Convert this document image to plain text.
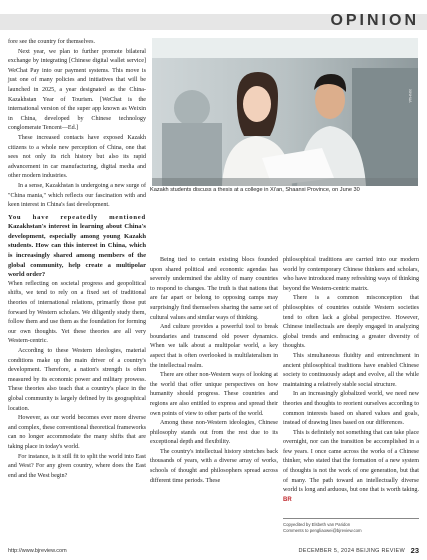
OPINION

fore see the country for themselves.

Next year, we plan to further promote bilateral exchange by integrating [Chinese digital wallet service] WeChat Pay into our payment systems. This move is just one of many policies and initiatives that will be launched in 2025, a year designated as the China-Kazakhstan Year of Tourism. [WeChat is the international version of the super app known as Weixin in China, developed by Chinese technology conglomerate Tencent—Ed.]

These increased contacts have exposed Kazakh citizens to a whole new perception of China, one that sees not only its rich history but also its rapid advancement in car manufacturing, digital media and other modern industries.

In a sense, Kazakhstan is undergoing a new surge of "China mania," which reflects our fascination with and keen interest in China's fast development.

You have repeatedly mentioned Kazakhstan's interest in learning about China's development, especially among young Kazakh students. How can this interest in China, which is increasingly shared among members of the global community, help create a multipolar world order?

When reflecting on societal progress and geopolitical shifts, we tend to rely on a fixed set of traditional theories of international relations, primarily those put forward by Western scholars. We diligently study them, follow them and use them as the foundation for forming our own thoughts. Yet these theories are all very Western-centric.

According to these Western ideologies, material conditions make up the main driver of a country's development. Therefore, a nation's strength is often measured by its economic power and military prowess. These theories also teach that a country's place in the global community is largely defined by its geographical location.

However, as our world becomes ever more diverse and complex, these conventional theoretical frameworks can no longer accommodate the many shifts that are taking place in today's world.

For instance, is it still fit to split the world into East and West? For any given country, where does the East end and the West begin?

XINHUA
Kazakh students discuss a thesis at a college in Xi'an, Shaanxi Province, on June 30

Being tied to certain existing blocs founded upon shared political and economic agendas has severely undermined the ability of many countries to respond to changes. The truth is that nations that are far apart or belong to opposing camps may surprisingly find themselves sharing the same set of cultural values and similar ways of thinking.

And culture provides a powerful tool to break boundaries and transcend old power dynamics. When we talk about a multipolar world, a key aspect that is often overlooked is multilateralism in the intellectual realm.

There are other non-Western ways of looking at the world that offer unique perspectives on how humanity should progress. These countries and regions are also entitled to express and spread their own points of view to other parts of the world.

Among these non-Western ideologies, Chinese philosophy stands out from the rest due to its exceptional depth and flexibility.

The country's intellectual history stretches back thousands of years, with a diverse array of works, schools of thought and philosophers spread across different time periods. These

philosophical traditions are carried into our modern world by contemporary Chinese thinkers and scholars, who have introduced many refreshing ways of thinking beyond the Western-centric matrix.

There is a common misconception that philosophies of countries outside Western societies tend to often lack a global perspective. However, Chinese intellectuals are deeply engaged in analyzing global trends and embracing a greater diversity of thoughts.

This simultaneous fluidity and entrenchment in ancient philosophical traditions have enabled Chinese society to continuously adapt and evolve, all the while maintaining a relatively stable social structure.

In an increasingly globalized world, we need new theories and thoughts to reorient ourselves according to common interests based on shared values and goals, instead of drawing lines based on our differences.

This is definitely not something that can take place overnight, nor can the transition be accomplished in a few years. I once came across the works of a Chinese thinker, who stated that the formation of a new system of thoughts is not the work of one generation, but that of many. The path toward an intellectually diverse world is long and arduous, but one that is worth taking. BR

Copyedited by Elsbeth van Paridon
Comments to pengliaowei@bjreview.com
http://www.bjreview.com	DECEMBER 5, 2024 BEIJING REVIEW 23
